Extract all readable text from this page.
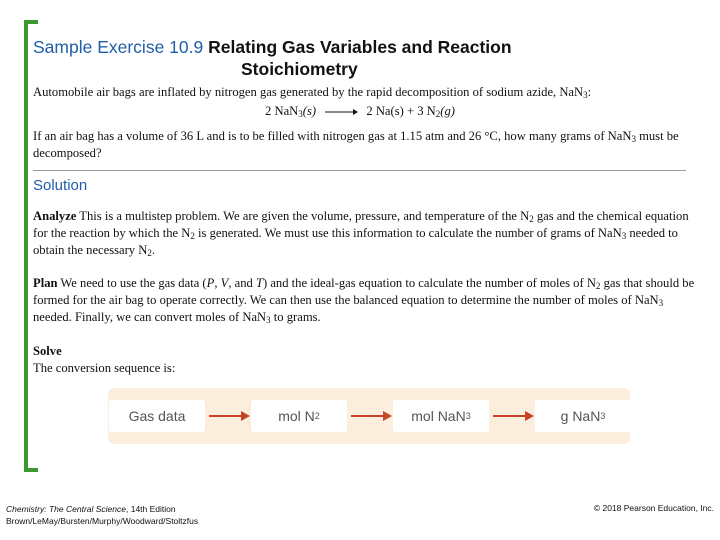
Sample Exercise 10.9 Relating Gas Variables and Reaction
Stoichiometry
Automobile air bags are inflated by nitrogen gas generated by the rapid decomposition of sodium azide, NaN$_3$:
2 NaN$_3$(s) → 2 Na(s) + 3 $N_2(g)$
If an air bag has a volume of 36 L and is to be filled with nitrogen gas at 1.15 atm and 26 °C, how many grams of NaN$_3$ must be decomposed?
Solution
Analyze This is a multistep problem. We are given the volume, pressure, and temperature of the $N_2$ gas and the chemical equation for the reaction by which the $N_2$ is generated. We must use this information to calculate the number of grams of NaN$_3$ needed to obtain the necessary $N_2$.
Plan We need to use the gas data (P, V, and T) and the ideal-gas equation to calculate the number of moles of $N_2$ gas that should be formed for the air bag to operate correctly. We can then use the balanced equation to determine the number of moles of NaN$_3$ needed. Finally, we can convert moles of NaN$_3$ to grams.
Solve
The conversion sequence is:
Gas data	mol N 2	mol NaN 3	g NaN 3
Chemistry: The Central Science, 14th Edition
Brown/LeMay/Bursten/Murphy/Woodward/Stoltzfus
© 2018 Pearson Education, Inc.
